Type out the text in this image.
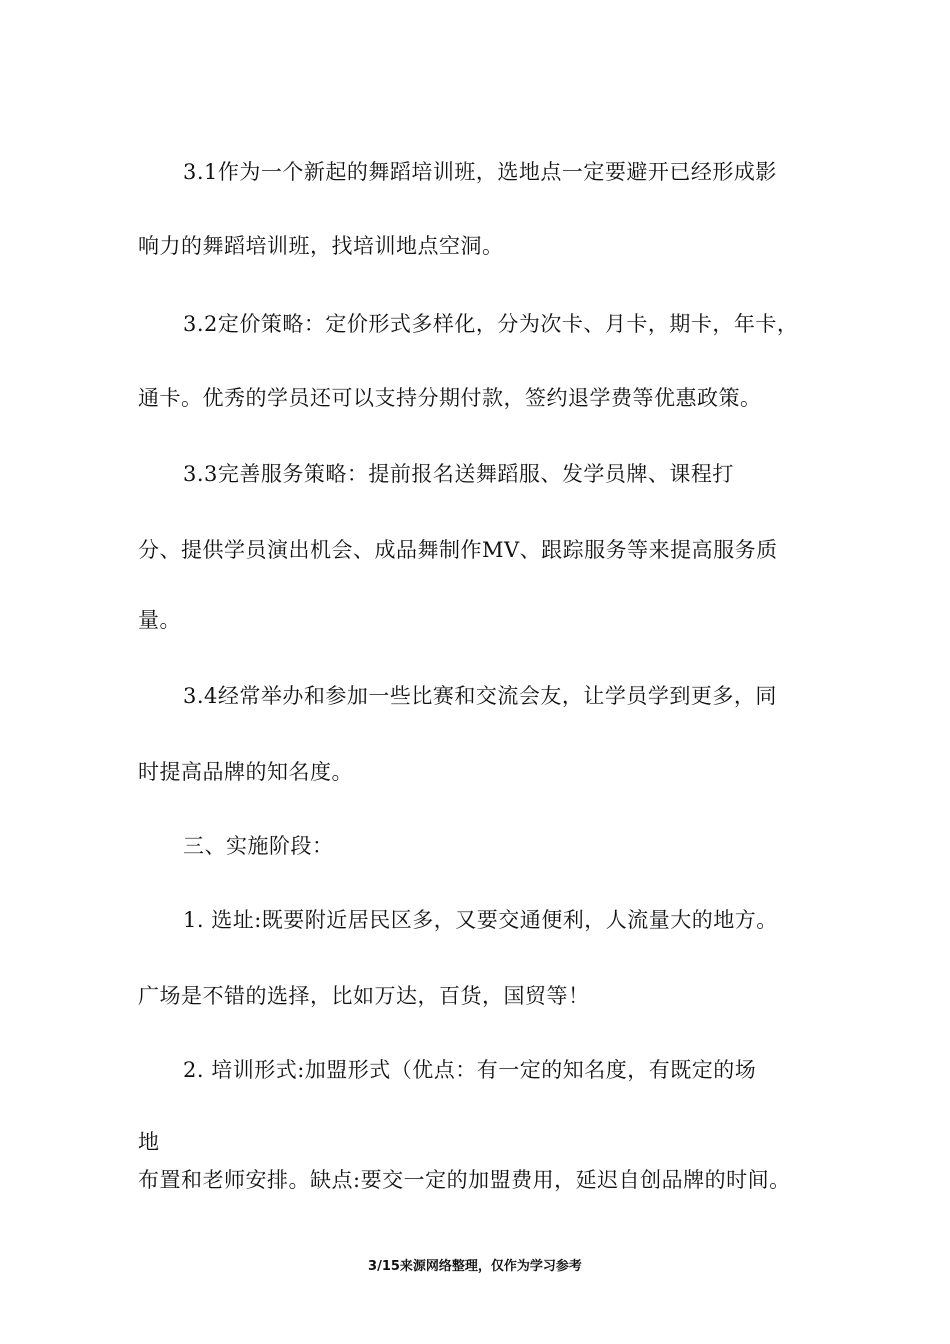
3.1作为一个新起的舞蹈培训班，选地点一定要避开已经形成影
响力的舞蹈培训班，找培训地点空洞。
3.2定价策略：定价形式多样化，分为次卡、月卡，期卡，年卡，
通卡。优秀的学员还可以支持分期付款，签约退学费等优惠政策。
3.3完善服务策略：提前报名送舞蹈服、发学员牌、课程打
分、提供学员演出机会、成品舞制作MV、跟踪服务等来提高服务质
量。
3.4经常举办和参加一些比赛和交流会友，让学员学到更多，同
时提高品牌的知名度。
三、实施阶段：
1. 选址:既要附近居民区多，又要交通便利，人流量大的地方。
广场是不错的选择，比如万达，百货，国贸等！
2. 培训形式:加盟形式（优点：有一定的知名度，有既定的场
地
布置和老师安排。缺点:要交一定的加盟费用，延迟自创品牌的时间。
3/15来源网络整理，仅作为学习参考
